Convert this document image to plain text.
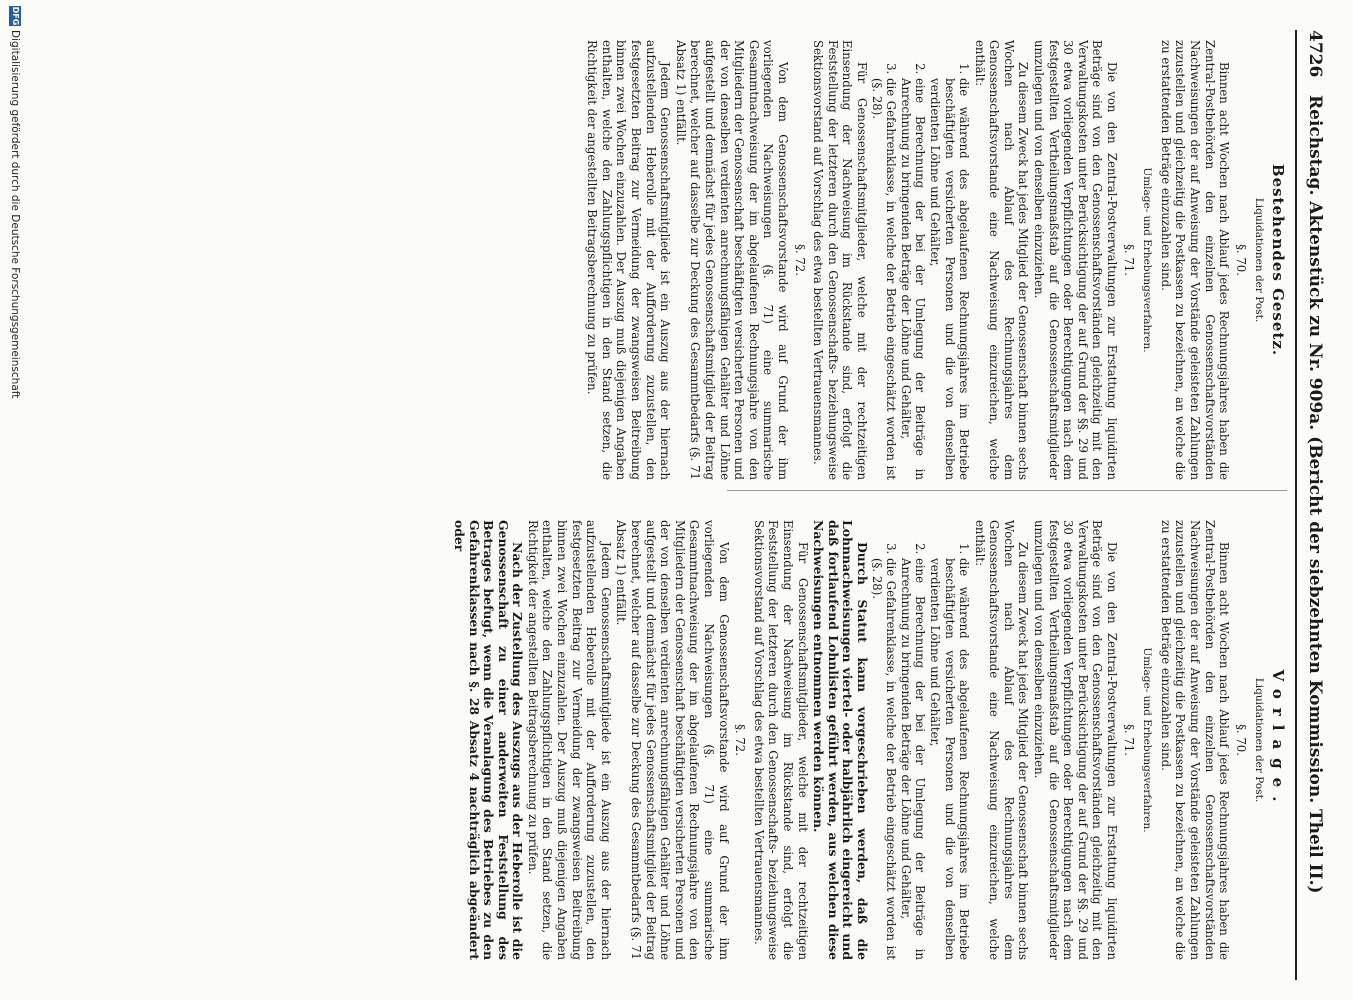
4726
Reichstag. Aktenstück zu Nr. 909a. (Bericht der siebzehnten Kommission. Theil II.)
Bestehendes Gesetz.
Liquidationen der Post.
§. 70.

Binnen acht Wochen nach Ablauf jedes Rechnungsjahres haben die Zentral-Postbehörden den einzelnen Genossenschaftsvorständen Nachweisungen der auf Anweisung der Vorstände geleisteten Zahlungen zuzustellen und gleichzeitig die Postkassen zu bezeichnen, an welche die zu erstattenden Beträge einzuzahlen sind.

Umlage- und Erhebungsverfahren.
§. 71.

Die von den Zentral-Postverwaltungen zur Erstattung liquidirten Beträge sind von den Genossenschaftsvorständen gleichzeitig mit den Verwaltungskosten unter Berücksichtigung der auf Grund der §§. 29 und 30 etwa vorliegenden Verpflichtungen oder Berechtigungen nach dem festgestellten Vertheilungsmaßstab auf die Genossenschaftsmitglieder umzulegen und von denselben einzuziehen.

Zu diesem Zweck hat jedes Mitglied der Genossenschaft binnen sechs Wochen nach Ablauf des Rechnungsjahres dem Genossenschaftsvorstande eine Nachweisung einzureichen, welche enthält:

1. die während des abgelaufenen Rechnungsjahres im Betriebe beschäftigten versicherten Personen und die von denselben verdienten Löhne und Gehälter,
2. eine Berechnung der bei der Umlegung der Beiträge in Anrechnung zu bringenden Beträge der Löhne und Gehälter,
3. die Gefahrenklasse, in welche der Betrieb eingeschätzt worden ist (§. 28).

Für Genossenschaftsmitglieder, welche mit der rechtzeitigen Einsendung der Nachweisung im Rückstande sind, erfolgt die Feststellung der letzteren durch den Genossenschafts- beziehungsweise Sektionsvorstand auf Vorschlag des etwa bestellten Vertrauensmannes.

§. 72.

Von dem Genossenschaftsvorstande wird auf Grund der ihm vorliegenden Nachweisungen (§. 71) eine summarische Gesammtnachweisung der im abgelaufenen Rechnungsjahre von den Mitgliedern der Genossenschaft beschäftigten versicherten Personen und der von denselben verdienten anrechnungsfähigen Gehälter und Löhne aufgestellt und demnächst für jedes Genossenschaftsmitglied der Beitrag berechnet, welcher auf dasselbe zur Deckung des Gesammtbedarfs (§. 71 Absatz 1) entfällt.

Jedem Genossenschaftsmitgliede ist ein Auszug aus der hiernach aufzustellenden Heberolle mit der Aufforderung zuzustellen, den festgesetzten Beitrag zur Vermeidung der zwangsweisen Beitreibung binnen zwei Wochen einzuzahlen. Der Auszug muß diejenigen Angaben enthalten, welche den Zahlungspflichtigen in den Stand setzen, die Richtigkeit der angestellten Beitragsberechnung zu prüfen.

Vorlage.
Liquidationen der Post.
§. 70.

Binnen acht Wochen nach Ablauf jedes Rechnungsjahres haben die Zentral-Postbehörden den einzelnen Genossenschaftsvorständen Nachweisungen der auf Anweisung der Vorstände geleisteten Zahlungen zuzustellen und gleichzeitig die Postkassen zu bezeichnen, an welche die zu erstattenden Beträge einzuzahlen sind.

Umlage- und Erhebungsverfahren.
§. 71.

Die von den Zentral-Postverwaltungen zur Erstattung liquidirten Beträge sind von den Genossenschaftsvorständen gleichzeitig mit den Verwaltungskosten unter Berücksichtigung der auf Grund der §§. 29 und 30 etwa vorliegenden Verpflichtungen oder Berechtigungen nach dem festgestellten Vertheilungsmaßstab auf die Genossenschaftsmitglieder umzulegen und von denselben einzuziehen.

Zu diesem Zweck hat jedes Mitglied der Genossenschaft binnen sechs Wochen nach Ablauf des Rechnungsjahres dem Genossenschaftsvorstande eine Nachweisung einzureichen, welche enthält:

1. die während des abgelaufenen Rechnungsjahres im Betriebe beschäftigten versicherten Personen und die von denselben verdienten Löhne und Gehälter,
2. eine Berechnung der bei der Umlegung der Beiträge in Anrechnung zu bringenden Beträge der Löhne und Gehälter,
3. die Gefahrenklasse, in welche der Betrieb eingeschätzt worden ist (§. 28).

Durch Statut kann vorgeschrieben werden, daß die Lohnnachweisungen viertel- oder halbjährlich eingereicht und daß fortlaufend Lohnlisten geführt werden, aus welchen diese Nachweisungen entnommen werden können.

Für Genossenschaftsmitglieder, welche mit der rechtzeitigen Einsendung der Nachweisung im Rückstande sind, erfolgt die Feststellung der letzteren durch den Genossenschafts- beziehungsweise Sektionsvorstand auf Vorschlag des etwa bestellten Vertrauensmannes.

§. 72.

Von dem Genossenschaftsvorstande wird auf Grund der ihm vorliegenden Nachweisungen (§. 71) eine summarische Gesammtnachweisung der im abgelaufenen Rechnungsjahre von den Mitgliedern der Genossenschaft beschäftigten versicherten Personen und der von denselben verdienten anrechnungsfähigen Gehälter und Löhne aufgestellt und demnächst für jedes Genossenschaftsmitglied der Beitrag berechnet, welcher auf dasselbe zur Deckung des Gesammtbedarfs (§. 71 Absatz 1) entfällt.

Jedem Genossenschaftsmitgliede ist ein Auszug aus der hiernach aufzustellenden Heberolle mit der Aufforderung zuzustellen, den festgesetzten Beitrag zur Vermeidung der zwangsweisen Beitreibung binnen zwei Wochen einzuzahlen. Der Auszug muß diejenigen Angaben enthalten, welche den Zahlungspflichtigen in den Stand setzen, die Richtigkeit der angestellten Beitragsberechnung zu prüfen.

Nach der Zustellung des Auszugs aus der Heberolle ist die Genossenschaft zu einer anderweiten Feststellung des Betrages befugt, wenn die Veranlagung des Betriebes zu den Gefahrenklassen nach §. 28 Absatz 4 nachträglich abgeändert oder

DFG
Digitalisierung gefördert durch die Deutsche Forschungsgemeinschaft
